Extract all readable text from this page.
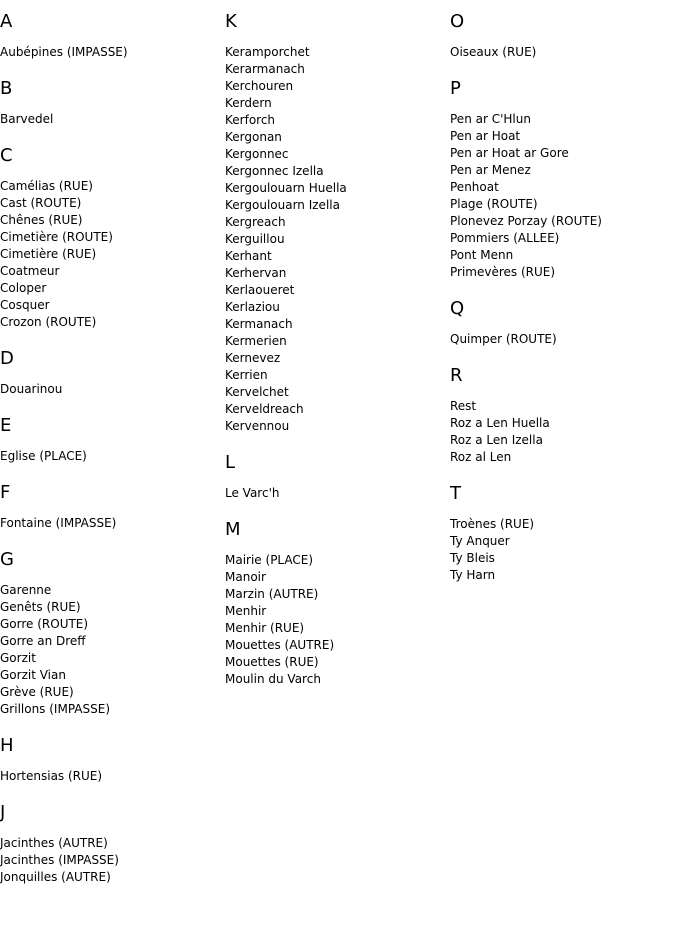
A
Aubépines (IMPASSE)
B
Barvedel
C
Camélias (RUE)
Cast (ROUTE)
Chênes (RUE)
Cimetière (ROUTE)
Cimetière (RUE)
Coatmeur
Coloper
Cosquer
Crozon (ROUTE)
D
Douarinou
E
Eglise (PLACE)
F
Fontaine (IMPASSE)
G
Garenne
Genêts (RUE)
Gorre (ROUTE)
Gorre an Dreff
Gorzit
Gorzit Vian
Grève (RUE)
Grillons (IMPASSE)
H
Hortensias (RUE)
J
Jacinthes (AUTRE)
Jacinthes (IMPASSE)
Jonquilles (AUTRE)
K
Keramporchet
Kerarmanach
Kerchouren
Kerdern
Kerforch
Kergonan
Kergonnec
Kergonnec Izella
Kergoulouarn Huella
Kergoulouarn Izella
Kergreach
Kerguillou
Kerhant
Kerhervan
Kerlaoueret
Kerlaziou
Kermanach
Kermerien
Kernevez
Kerrien
Kervelchet
Kerveldreach
Kervennou
L
Le Varc'h
M
Mairie (PLACE)
Manoir
Marzin (AUTRE)
Menhir
Menhir (RUE)
Mouettes (AUTRE)
Mouettes (RUE)
Moulin du Varch
O
Oiseaux (RUE)
P
Pen ar C'Hlun
Pen ar Hoat
Pen ar Hoat ar Gore
Pen ar Menez
Penhoat
Plage (ROUTE)
Plonevez Porzay (ROUTE)
Pommiers (ALLEE)
Pont Menn
Primevères (RUE)
Q
Quimper (ROUTE)
R
Rest
Roz a Len Huella
Roz a Len Izella
Roz al Len
T
Troènes (RUE)
Ty Anquer
Ty Bleis
Ty Harn
